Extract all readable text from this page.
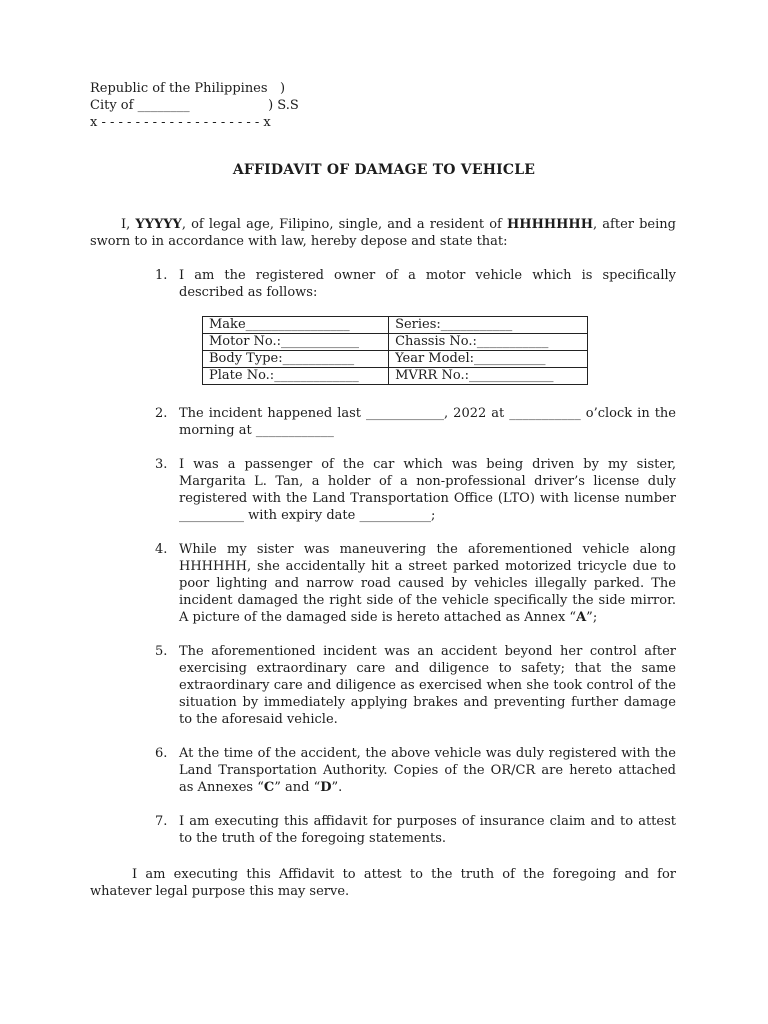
Republic of the Philippines   )
City of ________                   ) S.S
x - - - - - - - - - - - - - - - - - - - x
AFFIDAVIT OF DAMAGE TO VEHICLE
I, YYYYY, of legal age, Filipino, single, and a resident of HHHHHHH, after being sworn to in accordance with law, hereby depose and state that:
1. I am the registered owner of a motor vehicle which is specifically described as follows:
2. The incident happened last ____________, 2022 at ___________ o’clock in the morning at ____________
3. I was a passenger of the car which was being driven by my sister, Margarita L. Tan, a holder of a non-professional driver’s license duly registered with the Land Transportation Office (LTO) with license number __________ with expiry date ___________;
4. While my sister was maneuvering the aforementioned vehicle along HHHHHH, she accidentally hit a street parked motorized tricycle due to poor lighting and narrow road caused by vehicles illegally parked. The incident damaged the right side of the vehicle specifically the side mirror. A picture of the damaged side is hereto attached as Annex “A”;
5. The aforementioned incident was an accident beyond her control after exercising extraordinary care and diligence to safety; that the same extraordinary care and diligence as exercised when she took control of the situation by immediately applying brakes and preventing further damage to the aforesaid vehicle.
6. At the time of the accident, the above vehicle was duly registered with the Land Transportation Authority. Copies of the OR/CR are hereto attached as Annexes “C” and “D”.
7. I am executing this affidavit for purposes of insurance claim and to attest to the truth of the foregoing statements.
Make________________	Series:___________
Motor No.:____________	Chassis No.:___________
Body Type:___________	Year Model:___________
Plate No.:_____________	MVRR No.:_____________
I am executing this Affidavit to attest to the truth of the foregoing and for whatever legal purpose this may serve.
